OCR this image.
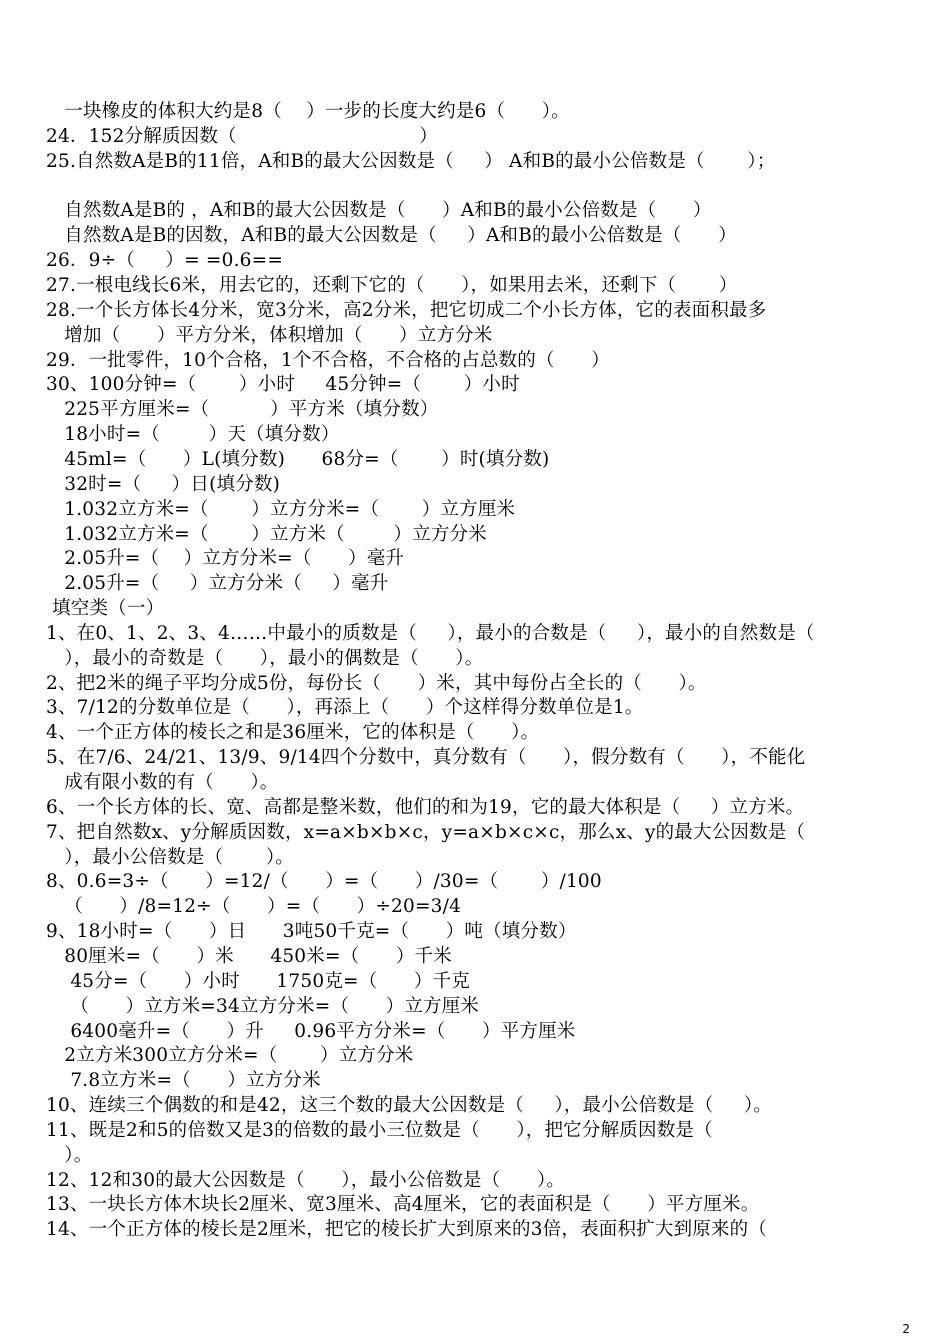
一块橡皮的体积大约是8（    ）一步的长度大约是6（      ）。
24．152分解质因数（                              ）
25.自然数A是B的11倍，A和B的最大公因数是（     ） A和B的最小公倍数是（       ）；
自然数A是B的 ，A和B的最大公因数是（      ）A和B的最小公倍数是（      ）
自然数A是B的因数，A和B的最大公因数是（     ）A和B的最小公倍数是（      ）
26．9÷（     ）= =0.6==
27.一根电线长6米，用去它的，还剩下它的（      ），如果用去米，还剩下（       ）
28.一个长方体长4分米，宽3分米，高2分米，把它切成二个小长方体，它的表面积最多
增加（      ）平方分米，体积增加（      ）立方分米
29．一批零件，10个合格，1个不合格，不合格的占总数的（      ）
30、100分钟=（       ）小时     45分钟=（       ）小时
225平方厘米=（          ）平方米（填分数）
18小时=（        ）天（填分数）
45ml=（      ）L(填分数)      68分=（       ）时(填分数)
32时=（     ）日(填分数)
1.032立方米=（       ）立方分米=（       ）立方厘米
1.032立方米=（       ）立方米（        ）立方分米
2.05升=（    ）立方分米=（      ）毫升
2.05升=（     ）立方分米（     ）毫升
填空类（一）
1、在0、1、2、3、4……中最小的质数是（     ），最小的合数是（     ），最小的自然数是（
），最小的奇数是（      ），最小的偶数是（      ）。
2、把2米的绳子平均分成5份，每份长（      ）米，其中每份占全长的（      ）。
3、7/12的分数单位是（      ），再添上（      ）个这样得分数单位是1。
4、一个正方体的棱长之和是36厘米，它的体积是（      ）。
5、在7/6、24/21、13/9、9/14四个分数中，真分数有（      ），假分数有（      ），不能化
成有限小数的有（      ）。
6、一个长方体的长、宽、高都是整米数，他们的和为19，它的最大体积是（     ）立方米。
7、把自然数x、y分解质因数，x=a×b×b×c，y=a×b×c×c，那么x、y的最大公因数是（
），最小公倍数是（       ）。
8、0.6=3÷（      ）=12/（      ）=（      ）/30=（       ）/100
（      ）/8=12÷（      ）=（      ）÷20=3/4
9、18小时=（      ）日      3吨50千克=（      ）吨（填分数）
80厘米=（      ）米      450米=（      ）千米
45分=（      ）小时      1750克=（      ）千克
（      ）立方米=34立方分米=（      ）立方厘米
6400毫升=（      ）升     0.96平方分米=（      ）平方厘米
2立方米300立方分米=（       ）立方分米
7.8立方米=（      ）立方分米
10、连续三个偶数的和是42，这三个数的最大公因数是（     ），最小公倍数是（     ）。
11、既是2和5的倍数又是3的倍数的最小三位数是（      ），把它分解质因数是（
）。
12、12和30的最大公因数是（      ），最小公倍数是（      ）。
13、一块长方体木块长2厘米、宽3厘米、高4厘米，它的表面积是（      ）平方厘米。
14、一个正方体的棱长是2厘米，把它的棱长扩大到原来的3倍，表面积扩大到原来的（
2
